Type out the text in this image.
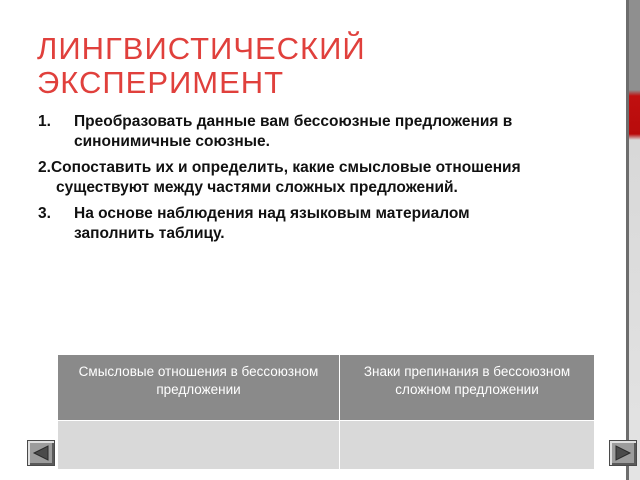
ЛИНГВИСТИЧЕСКИЙ
ЭКСПЕРИМЕНТ
1.	Преобразовать данные вам бессоюзные предложения в
синонимичные союзные.
2.Сопоставить их и определить, какие смысловые отношения
существуют между частями сложных предложений.
3.	На основе наблюдения над языковым материалом
заполнить таблицу.
Смысловые отношения в бессоюзном предложении	Знаки препинания в бессоюзном сложном предложении
